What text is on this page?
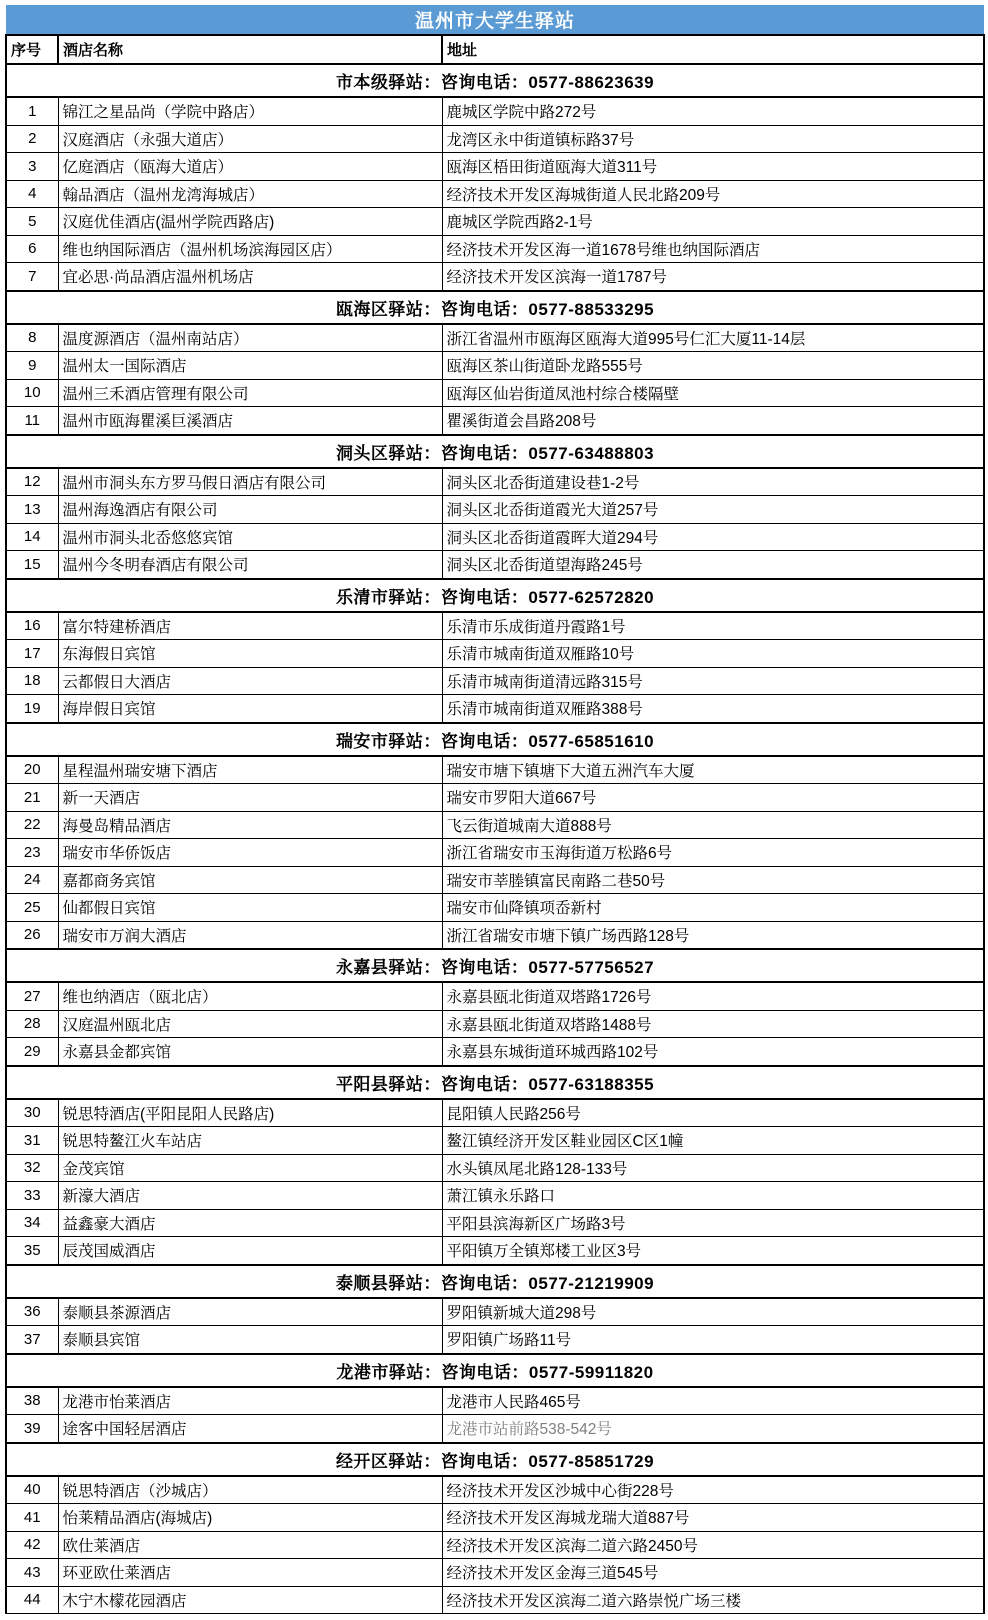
温州市大学生驿站		
序号	酒店名称	地址
市本级驿站：咨询电话：0577-88623639		
1	锦江之星品尚（学院中路店）	鹿城区学院中路272号
2	汉庭酒店（永强大道店）	龙湾区永中街道镇标路37号
3	亿庭酒店（瓯海大道店）	瓯海区梧田街道瓯海大道311号
4	翰品酒店（温州龙湾海城店）	经济技术开发区海城街道人民北路209号
5	汉庭优佳酒店(温州学院西路店)	鹿城区学院西路2-1号
6	维也纳国际酒店（温州机场滨海园区店）	经济技术开发区海一道1678号维也纳国际酒店
7	宜必思·尚品酒店温州机场店	经济技术开发区滨海一道1787号
瓯海区驿站：咨询电话：0577-88533295		
8	温度源酒店（温州南站店）	浙江省温州市瓯海区瓯海大道995号仁汇大厦11-14层
9	温州太一国际酒店	瓯海区茶山街道卧龙路555号
10	温州三禾酒店管理有限公司	瓯海区仙岩街道凤池村综合楼隔壁
11	温州市瓯海瞿溪巨溪酒店	瞿溪街道会昌路208号
洞头区驿站：咨询电话：0577-63488803		
12	温州市洞头东方罗马假日酒店有限公司	洞头区北岙街道建设巷1-2号
13	温州海逸酒店有限公司	洞头区北岙街道霞光大道257号
14	温州市洞头北岙悠悠宾馆	洞头区北岙街道霞晖大道294号
15	温州今冬明春酒店有限公司	洞头区北岙街道望海路245号
乐清市驿站：咨询电话：0577-62572820		
16	富尔特建桥酒店	乐清市乐成街道丹霞路1号
17	东海假日宾馆	乐清市城南街道双雁路10号
18	云都假日大酒店	乐清市城南街道清远路315号
19	海岸假日宾馆	乐清市城南街道双雁路388号
瑞安市驿站：咨询电话：0577-65851610		
20	星程温州瑞安塘下酒店	瑞安市塘下镇塘下大道五洲汽车大厦
21	新一天酒店	瑞安市罗阳大道667号
22	海曼岛精品酒店	飞云街道城南大道888号
23	瑞安市华侨饭店	浙江省瑞安市玉海街道万松路6号
24	嘉都商务宾馆	瑞安市莘塍镇富民南路二巷50号
25	仙都假日宾馆	瑞安市仙降镇项岙新村
26	瑞安市万润大酒店	浙江省瑞安市塘下镇广场西路128号
永嘉县驿站：咨询电话：0577-57756527		
27	维也纳酒店（瓯北店）	永嘉县瓯北街道双塔路1726号
28	汉庭温州瓯北店	永嘉县瓯北街道双塔路1488号
29	永嘉县金都宾馆	永嘉县东城街道环城西路102号
平阳县驿站：咨询电话：0577-63188355		
30	锐思特酒店(平阳昆阳人民路店)	昆阳镇人民路256号
31	锐思特鳌江火车站店	鳌江镇经济开发区鞋业园区C区1幢
32	金茂宾馆	水头镇凤尾北路128-133号
33	新濠大酒店	萧江镇永乐路口
34	益鑫豪大酒店	平阳县滨海新区广场路3号
35	辰茂国威酒店	平阳镇万全镇郑楼工业区3号
泰顺县驿站：咨询电话：0577-21219909		
36	泰顺县茶源酒店	罗阳镇新城大道298号
37	泰顺县宾馆	罗阳镇广场路11号
龙港市驿站：咨询电话：0577-59911820		
38	龙港市怡莱酒店	龙港市人民路465号
39	途客中国轻居酒店	龙港市站前路538-542号
经开区驿站：咨询电话：0577-85851729		
40	锐思特酒店（沙城店）	经济技术开发区沙城中心街228号
41	怡莱精品酒店(海城店)	经济技术开发区海城龙瑞大道887号
42	欧仕莱酒店	经济技术开发区滨海二道六路2450号
43	环亚欧仕莱酒店	经济技术开发区金海三道545号
44	木宁木檬花园酒店	经济技术开发区滨海二道六路崇悦广场三楼
